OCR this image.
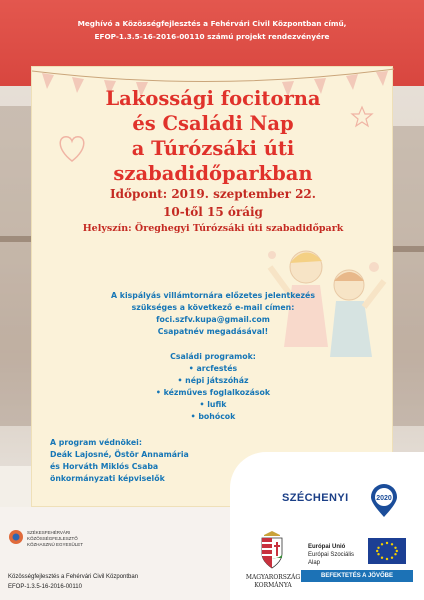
Meghívó a Közösségfejlesztés a Fehérvári Civil Központban című,
EFOP-1.3.5-16-2016-00110 számú projekt rendezvényére
Lakossági focitorna
és Családi Nap
a Túrózsáki úti
szabadidőparkban
Időpont: 2019. szeptember 22.
10-től 15 óráig
Helyszín: Öreghegyi Túrózsáki úti szabadidőpark
A kispályás villámtornára előzetes jelentkezés
szükséges a következő e-mail címen:
foci.szfv.kupa@gmail.com
Csapatnév megadásával!
Családi programok:
• arcfestés
• népi játszóház
• kézműves foglalkozások
• lufik
• bohócok
A program védnökei:
Deák Lajosné, Östör Annamária
és Horváth Miklós Csaba
önkormányzati képviselők
SZÉKESFEHÉRVÁRI
KÖZÖSSÉGFEJLESZTŐ
KÖZHASZNÚ EGYESÜLET
Közösségfejlesztés a Fehérvári Civil Központban
EFOP-1.3.5-16-2016-00110
SZÉCHENYI	2020
MAGYARORSZÁG
KORMÁNYA
Európai Unió
Európai Szociális
Alap
BEFEKTETÉS A JÖVŐBE
